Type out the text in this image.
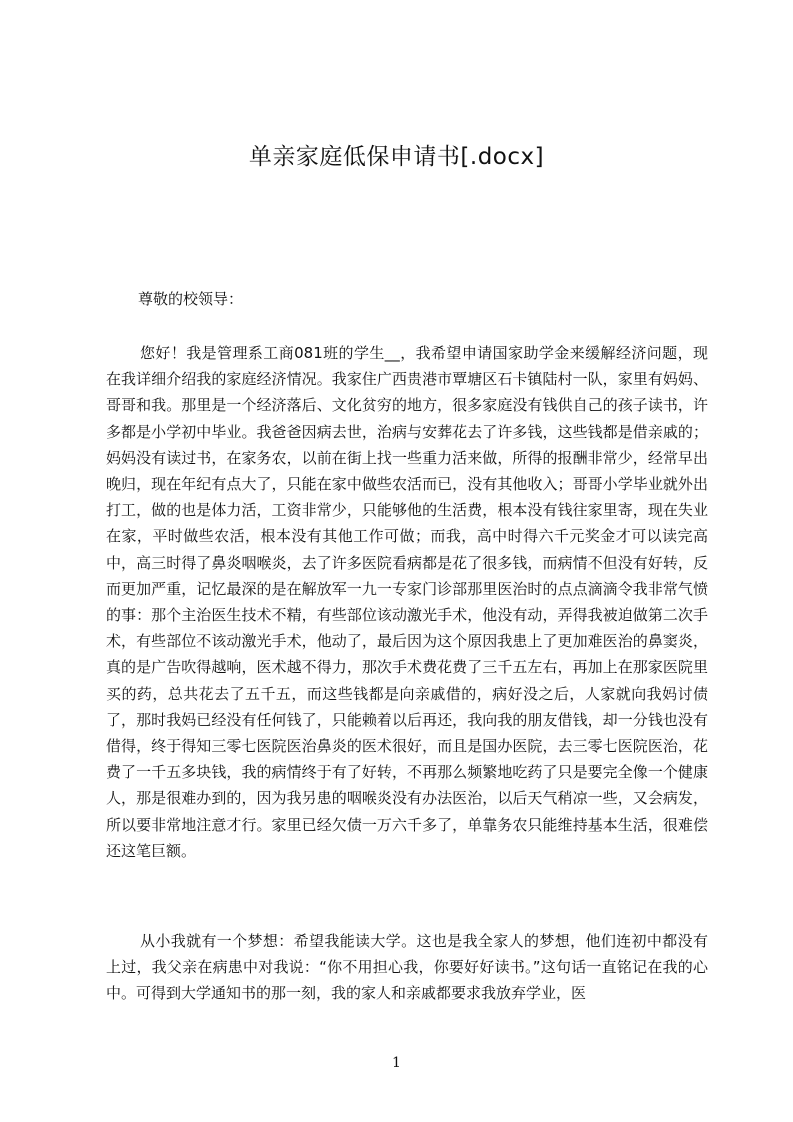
单亲家庭低保申请书[.docx]
尊敬的校领导：

您好！我是管理系工商081班的学生__，我希望申请国家助学金来缓解经济问题，现在我详细介绍我的家庭经济情况。我家住广西贵港市覃塘区石卡镇陆村一队，家里有妈妈、哥哥和我。那里是一个经济落后、文化贫穷的地方，很多家庭没有钱供自己的孩子读书，许多都是小学初中毕业。我爸爸因病去世，治病与安葬花去了许多钱，这些钱都是借亲戚的；妈妈没有读过书，在家务农，以前在街上找一些重力活来做，所得的报酬非常少，经常早出晚归，现在年纪有点大了，只能在家中做些农活而已，没有其他收入；哥哥小学毕业就外出打工，做的也是体力活，工资非常少，只能够他的生活费，根本没有钱往家里寄，现在失业在家，平时做些农活，根本没有其他工作可做；而我，高中时得六千元奖金才可以读完高中，高三时得了鼻炎咽喉炎，去了许多医院看病都是花了很多钱，而病情不但没有好转，反而更加严重，记忆最深的是在解放军一九一专家门诊部那里医治时的点点滴滴令我非常气愤的事：那个主治医生技术不精，有些部位该动激光手术，他没有动，弄得我被迫做第二次手术，有些部位不该动激光手术，他动了，最后因为这个原因我患上了更加难医治的鼻窦炎，真的是广告吹得越响，医术越不得力，那次手术费花费了三千五左右，再加上在那家医院里买的药，总共花去了五千五，而这些钱都是向亲戚借的，病好没之后，人家就向我妈讨债了，那时我妈已经没有任何钱了，只能赖着以后再还，我向我的朋友借钱，却一分钱也没有借得，终于得知三零七医院医治鼻炎的医术很好，而且是国办医院，去三零七医院医治，花费了一千五多块钱，我的病情终于有了好转，不再那么频繁地吃药了只是要完全像一个健康人，那是很难办到的，因为我另患的咽喉炎没有办法医治，以后天气稍凉一些，又会病发，所以要非常地注意才行。家里已经欠债一万六千多了，单靠务农只能维持基本生活，很难偿还这笔巨额。

从小我就有一个梦想：希望我能读大学。这也是我全家人的梦想，他们连初中都没有上过，我父亲在病患中对我说：“你不用担心我，你要好好读书。”这句话一直铭记在我的心中。可得到大学通知书的那一刻，我的家人和亲戚都要求我放弃学业，医

1
